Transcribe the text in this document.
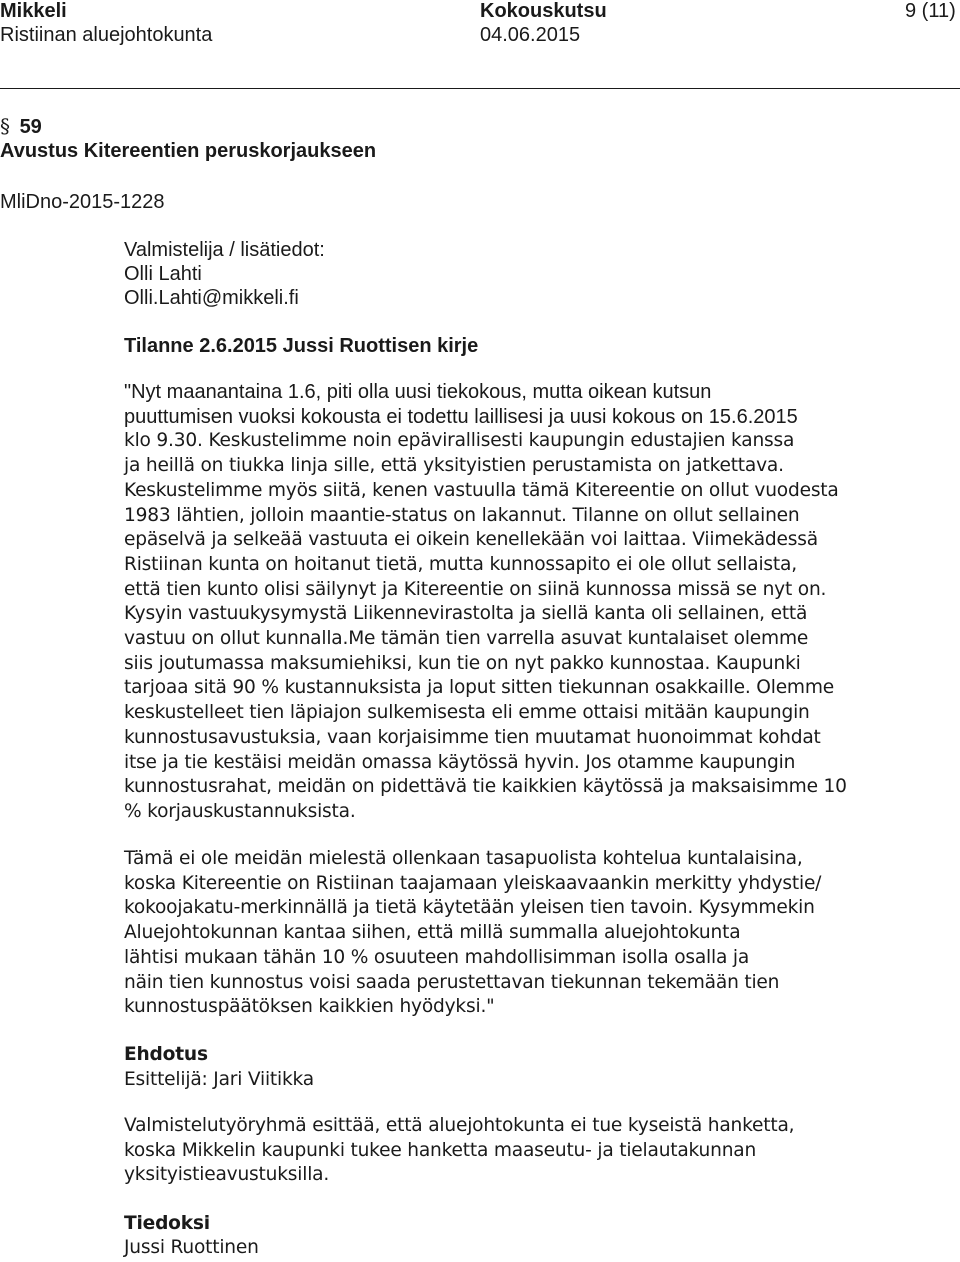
Mikkeli	Kokouskutsu	9 (11)
Ristiinan aluejohtokunta	04.06.2015
§ 59
Avustus Kitereentien peruskorjaukseen
MliDno-2015-1228
Valmistelija / lisätiedot:
Olli Lahti
Olli.Lahti@mikkeli.fi
Tilanne 2.6.2015 Jussi Ruottisen kirje
"Nyt maanantaina 1.6, piti olla uusi tiekokous, mutta oikean kutsun
puuttumisen vuoksi kokousta ei todettu laillisesi ja uusi kokous on 15.6.2015
klo 9.30. Keskustelimme noin epävirallisesti kaupungin edustajien kanssa
ja heillä on tiukka linja sille, että yksityistien perustamista on jatkettava.
Keskustelimme myös siitä, kenen vastuulla tämä Kitereentie on ollut vuodesta
1983 lähtien, jolloin maantie-status on lakannut. Tilanne on ollut sellainen
epäselvä ja selkeää vastuuta ei oikein kenellekään voi laittaa. Viimekädessä
Ristiinan kunta on hoitanut tietä, mutta kunnossapito ei ole ollut sellaista,
että tien kunto olisi säilynyt ja Kitereentie on siinä kunnossa missä se nyt on.
Kysyin vastuukysymystä Liikennevirastolta ja siellä kanta oli sellainen, että
vastuu on ollut kunnalla.Me tämän tien varrella asuvat kuntalaiset olemme
siis joutumassa maksumiehiksi, kun tie on nyt pakko kunnostaa. Kaupunki
tarjoaa sitä 90 % kustannuksista ja loput sitten tiekunnan osakkaille. Olemme
keskustelleet tien läpiajon sulkemisesta eli emme ottaisi mitään kaupungin
kunnostusavustuksia, vaan korjaisimme tien muutamat huonoimmat kohdat
itse ja tie kestäisi meidän omassa käytössä hyvin. Jos otamme kaupungin
kunnostusrahat, meidän on pidettävä tie kaikkien käytössä ja maksaisimme 10
% korjauskustannuksista.
Tämä ei ole meidän mielestä ollenkaan tasapuolista kohtelua kuntalaisina,
koska Kitereentie on Ristiinan taajamaan yleiskaavaankin merkitty yhdystie/
kokoojakatu-merkinnällä ja tietä käytetään yleisen tien tavoin. Kysymmekin
Aluejohtokunnan kantaa siihen, että millä summalla aluejohtokunta
lähtisi mukaan tähän 10 % osuuteen mahdollisimman isolla osalla ja
näin tien kunnostus voisi saada perustettavan tiekunnan tekemään tien
kunnostuspäätöksen kaikkien hyödyksi."
Ehdotus
Esittelijä: Jari Viitikka
Valmistelutyöryhmä esittää, että aluejohtokunta ei tue kyseistä hanketta,
koska Mikkelin kaupunki tukee hanketta maaseutu- ja tielautakunnan
yksityistieavustuksilla.
Tiedoksi
Jussi Ruottinen
